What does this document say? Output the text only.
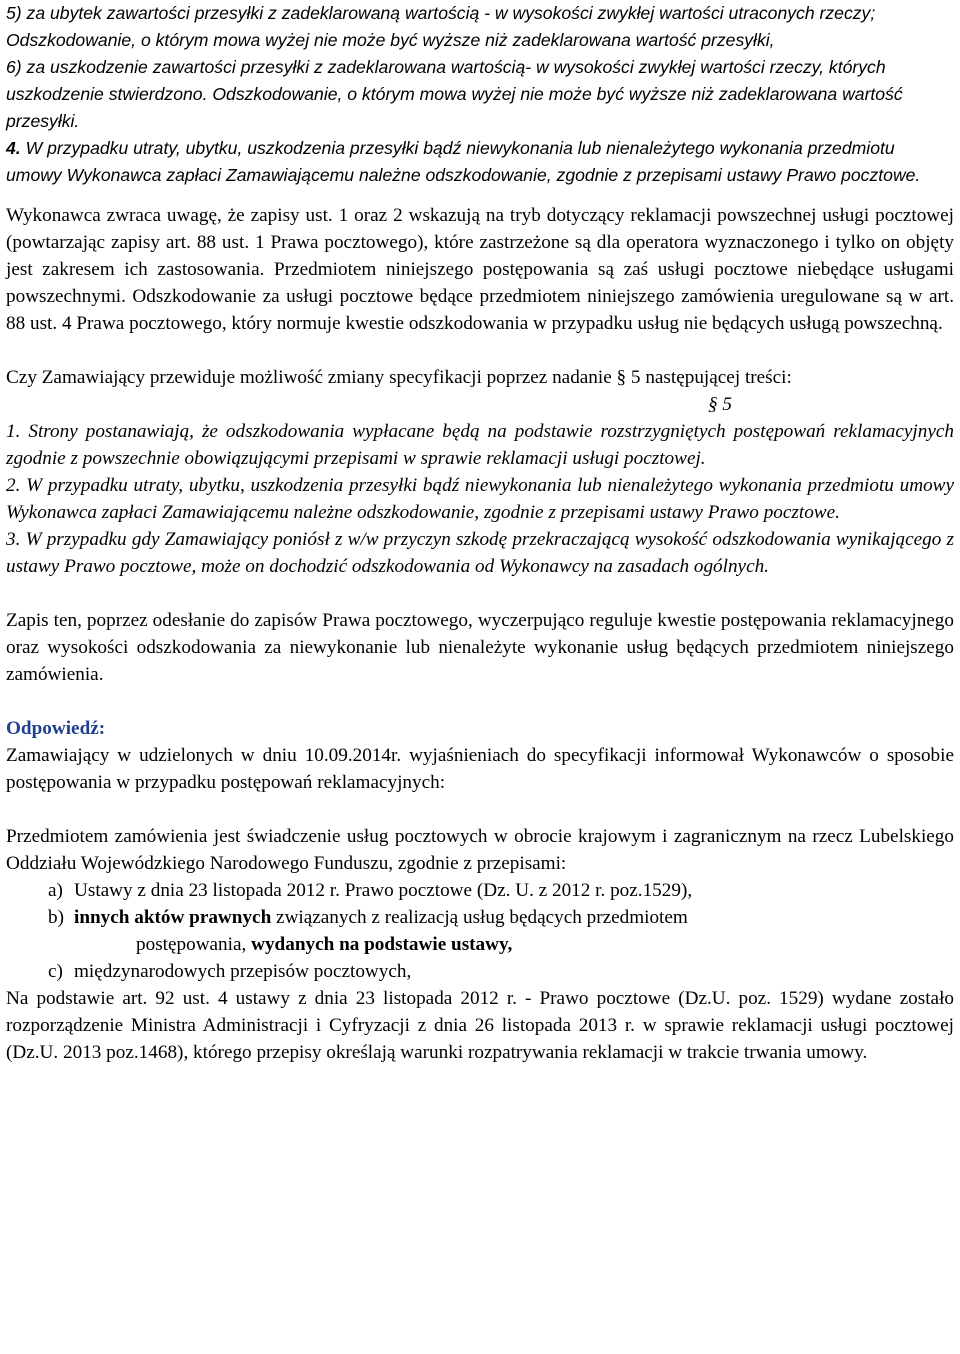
5) za ubytek zawartości przesyłki z zadeklarowaną wartością - w wysokości zwykłej wartości utraconych rzeczy; Odszkodowanie, o którym mowa wyżej nie może być wyższe niż zadeklarowana wartość przesyłki,

6) za uszkodzenie zawartości przesyłki z zadeklarowana wartością- w wysokości zwykłej wartości rzeczy, których uszkodzenie stwierdzono. Odszkodowanie, o którym mowa wyżej nie może być wyższe niż zadeklarowana wartość przesyłki.

4. W przypadku utraty, ubytku, uszkodzenia przesyłki bądź niewykonania lub nienależytego wykonania przedmiotu umowy Wykonawca zapłaci Zamawiającemu należne odszkodowanie, zgodnie z przepisami ustawy Prawo pocztowe.

Wykonawca zwraca uwagę, że zapisy ust. 1 oraz 2 wskazują na tryb dotyczący reklamacji powszechnej usługi pocztowej (powtarzając zapisy art. 88 ust. 1 Prawa pocztowego), które zastrzeżone są dla operatora wyznaczonego i tylko on objęty jest zakresem ich zastosowania. Przedmiotem niniejszego postępowania są zaś usługi pocztowe niebędące usługami powszechnymi. Odszkodowanie za usługi pocztowe będące przedmiotem niniejszego zamówienia uregulowane są w art. 88 ust. 4 Prawa pocztowego, który normuje kwestie odszkodowania w przypadku usług nie będących usługą powszechną.

Czy Zamawiający przewiduje możliwość zmiany specyfikacji poprzez nadanie § 5 następującej treści:

§ 5

1. Strony postanawiają, że odszkodowania wypłacane będą na podstawie rozstrzygniętych postępowań reklamacyjnych zgodnie z powszechnie obowiązującymi przepisami w sprawie reklamacji usługi pocztowej.

2. W przypadku utraty, ubytku, uszkodzenia przesyłki bądź niewykonania lub nienależytego wykonania przedmiotu umowy Wykonawca zapłaci Zamawiającemu należne odszkodowanie, zgodnie z przepisami ustawy Prawo pocztowe.

3. W przypadku gdy Zamawiający poniósł z w/w przyczyn szkodę przekraczającą wysokość odszkodowania wynikającego z ustawy Prawo pocztowe, może on dochodzić odszkodowania od Wykonawcy na zasadach ogólnych.

Zapis ten, poprzez odesłanie do zapisów Prawa pocztowego, wyczerpująco reguluje kwestie postępowania reklamacyjnego oraz wysokości odszkodowania za niewykonanie lub nienależyte wykonanie usług będących przedmiotem niniejszego zamówienia.

Odpowiedź:

Zamawiający w udzielonych w dniu 10.09.2014r. wyjaśnieniach do specyfikacji informował Wykonawców o sposobie postępowania w przypadku postępowań reklamacyjnych:

Przedmiotem zamówienia jest świadczenie usług pocztowych w obrocie krajowym i zagranicznym na rzecz Lubelskiego Oddziału Wojewódzkiego Narodowego Funduszu, zgodnie z przepisami:

a) Ustawy z dnia 23 listopada 2012 r. Prawo pocztowe (Dz. U. z 2012 r. poz.1529),
b) innych aktów prawnych związanych z realizacją usług będących przedmiotem
postępowania, wydanych na podstawie ustawy,
c) międzynarodowych przepisów pocztowych,

Na podstawie art. 92 ust. 4 ustawy z dnia 23 listopada 2012 r. - Prawo pocztowe (Dz.U. poz. 1529) wydane zostało rozporządzenie Ministra Administracji i Cyfryzacji z dnia 26 listopada 2013 r. w sprawie reklamacji usługi pocztowej (Dz.U. 2013 poz.1468), którego przepisy określają warunki rozpatrywania reklamacji w trakcie trwania umowy.
